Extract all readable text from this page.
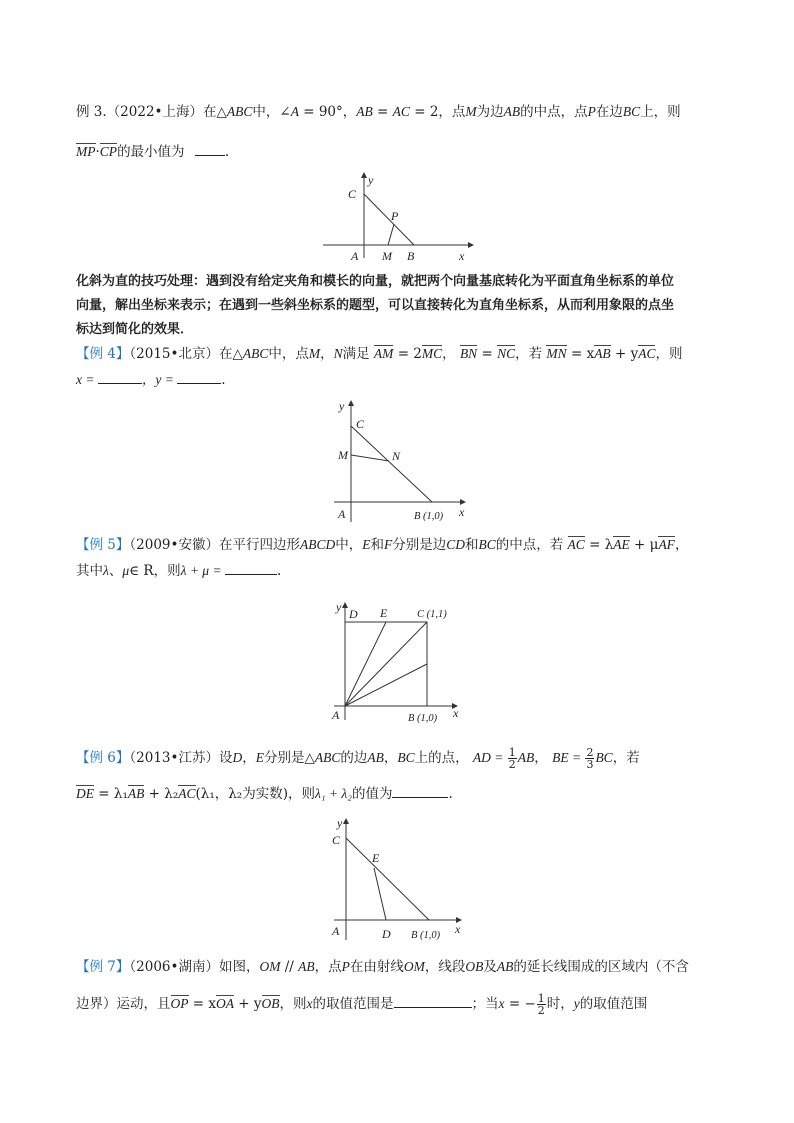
例 3.（2022•上海）在△ABC中，∠A = 90°，AB = AC = 2，点M为边AB的中点，点P在边BC上，则
MP·CP的最小值为	.
C
y
P
A M B	x
化斜为直的技巧处理：遇到没有给定夹角和模长的向量，就把两个向量基底转化为平面直角坐标系的单位
向量，解出坐标来表示；在遇到一些斜坐标系的题型，可以直接转化为直角坐标系，从而利用象限的点坐
标达到简化的效果．
【例 4】（2015•北京）在△ABC中，点M，N满足 AM = 2MC， BN = NC，若 MN = xAB + yAC，则
x =	，y =	.
y
C
M	N
A	B (1,0) x
【例 5】（2009•安徽）在平行四边形ABCD中，E和F分别是边CD和BC的中点，若 AC = λAE + μAF，
其中λ、μ∈ R，则λ + μ =	.
y D E	C (1,1)
A	B (1,0) x
【例 6】（2013•江苏）设D，E分别是△ABC的边AB，BC上的点， AD = $\frac{1}{2}$ AB， BE = $\frac{2}{3}$ BC，若
DE = λ₁AB + λ₂AC(λ₁，λ₂为实数)，则λ₁ + λ₂的值为	.
y
C
E
A	D B (1,0) x
【例 7】（2006•湖南）如图，OM // AB，点P在由射线OM，线段OB及AB的延长线围成的区域内（不含
边界）运动，且OP = xOA + yOB，则x的取值范围是	；当x = − $\frac{1}{2}$ 时，y的取值范围
